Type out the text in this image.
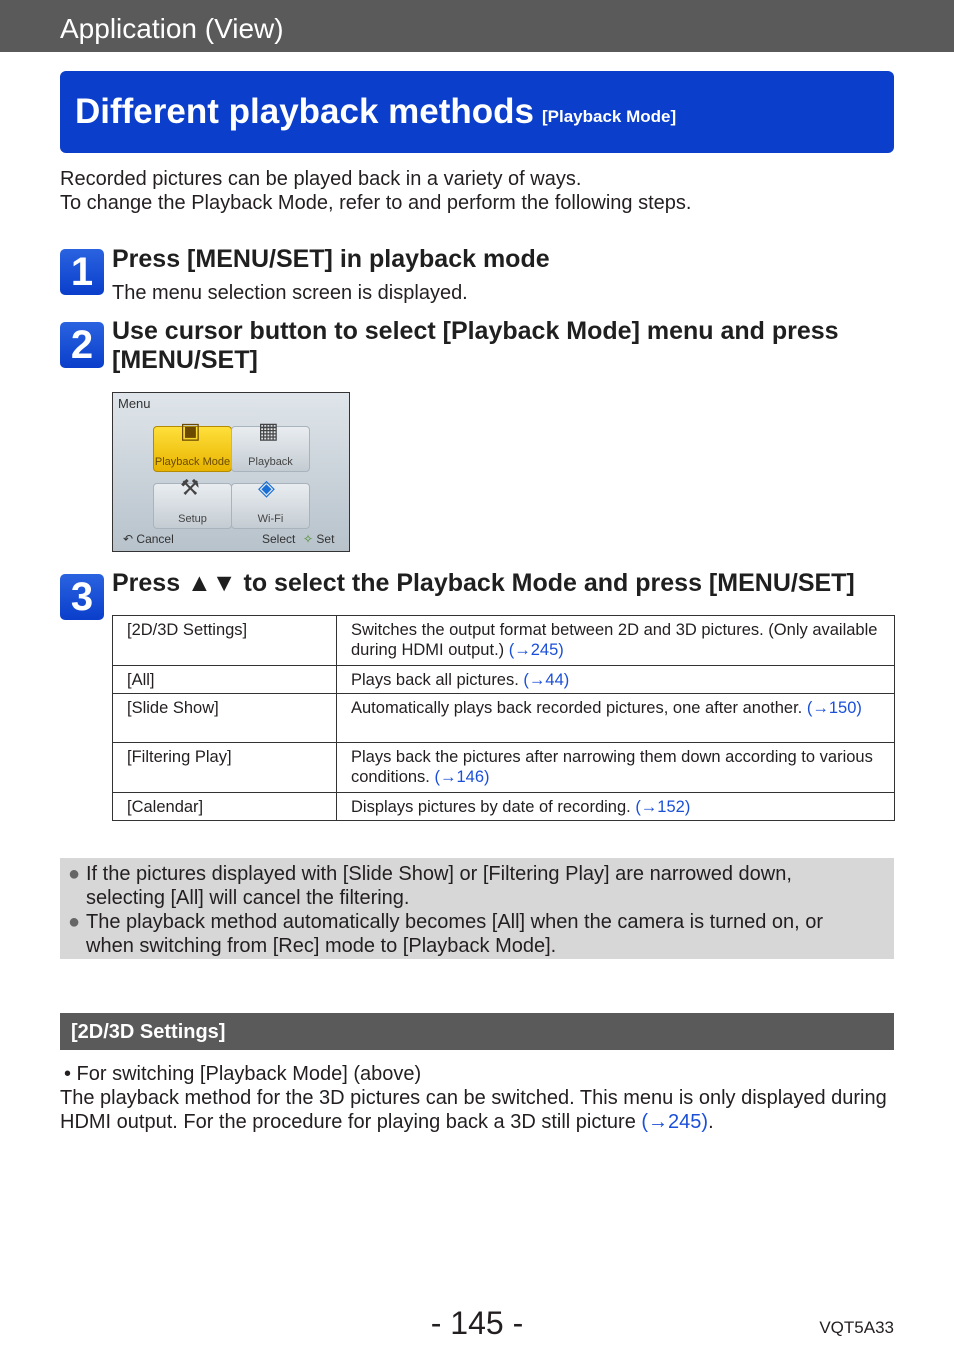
Application (View)
Different playback methods [Playback Mode]

Recorded pictures can be played back in a variety of ways.

To change the Playback Mode, refer to and perform the following steps.

1 Press [MENU/SET] in playback mode
The menu selection screen is displayed.
2 Use cursor button to select [Playback Mode] menu and press [MENU/SET]
Menu
▣
Playback Mode
▦
Playback
⚒
Setup
◈
Wi-Fi
↶ Cancel	Select ✧ Set
3 Press ▲▼ to select the Playback Mode and press [MENU/SET]
[2D/3D Settings]	Switches the output format between 2D and 3D pictures. (Only available during HDMI output.) (→245)
[All]	Plays back all pictures. (→44)
[Slide Show]	Automatically plays back recorded pictures, one after another. (→150)
[Filtering Play]	Plays back the pictures after narrowing them down according to various conditions. (→146)
[Calendar]	Displays pictures by date of recording. (→152)
● If the pictures displayed with [Slide Show] or [Filtering Play] are narrowed down, selecting [All] will cancel the filtering.
● The playback method automatically becomes [All] when the camera is turned on, or when switching from [Rec] mode to [Playback Mode].
[2D/3D Settings]

• For switching [Playback Mode] (above)

The playback method for the 3D pictures can be switched. This menu is only displayed during HDMI output. For the procedure for playing back a 3D still picture (→245).

- 145 -	VQT5A33
